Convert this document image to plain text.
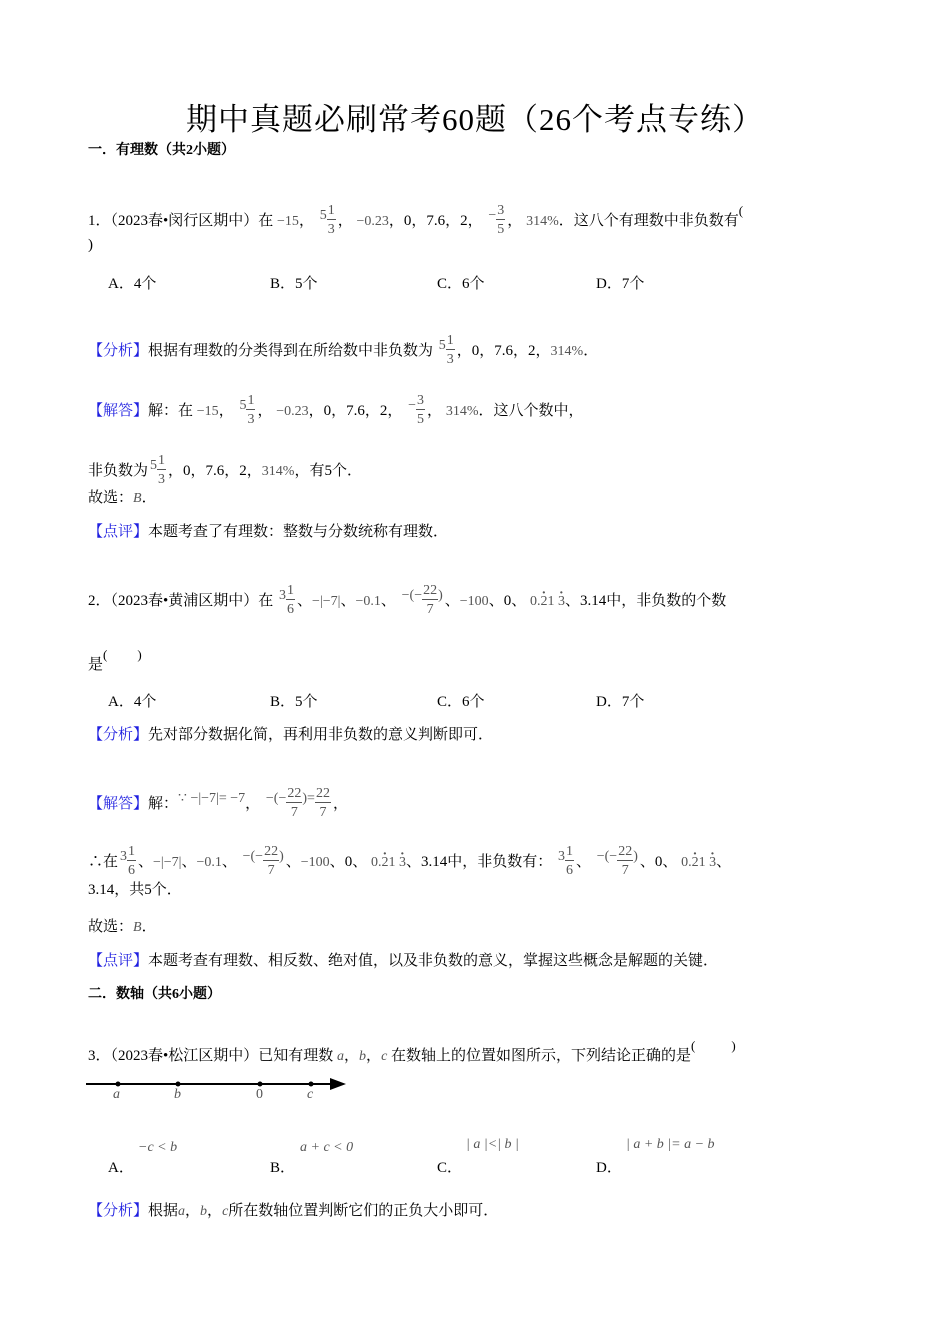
期中真题必刷常考60题（26个考点专练）
一．有理数（共2小题）
1．（2023春•闵行区期中）在 −15， 5 1
3
， −0.23，0，7.6，2， − $\frac{3}{5}$ ， 314%．这八个有理数中非负数有(
)
A．4个	B．5个	C．6个	D．7个
【分析】根据有理数的分类得到在所给数中非负数为 5 1
3
，0，7.6，2，314%．
【解答】解：在 −15， 5 1
3
， −0.23，0，7.6，2， − $\frac{3}{5}$ ， 314%．这八个数中，
非负数为 5 1
3
，0，7.6，2，314%，有5个．
故选：B．
【点评】本题考查了有理数：整数与分数统称有理数．
2．（2023春•黄浦区期中）在 3 1
6
、−|−7|、−0.1、 −(− $\frac{22}{7}$ ) 、−100、0、 0.· 21 · 3、3.14中，非负数的个数
是( )
A．4个	B．5个	C．6个	D．7个
【分析】先对部分数据化简，再利用非负数的意义判断即可．
【解答】解：∵ −|−7|= −7， −(− $\frac{22}{7}$ ) = $\frac{22}{7}$ ，
∴在 3 1
6
、−|−7|、−0.1、 −(− $\frac{22}{7}$ ) 、−100、0、 0.· 21 · 3、3.14中，非负数有： 3 1
6
、 −(− $\frac{22}{7}$ ) 、0、 0.· 21 · 3、
3.14，共5个．
故选：B．
【点评】本题考查有理数、相反数、绝对值，以及非负数的意义，掌握这些概念是解题的关键．
二．数轴（共6小题）
3．（2023春•松江区期中）已知有理数 a，b，c 在数轴上的位置如图所示，下列结论正确的是(	)
a	b	0	c
A．
−c < b
B．
a + c < 0
C．
| a |<| b |
D．
| a + b |= a − b
【分析】根据a，b，c所在数轴位置判断它们的正负大小即可．
